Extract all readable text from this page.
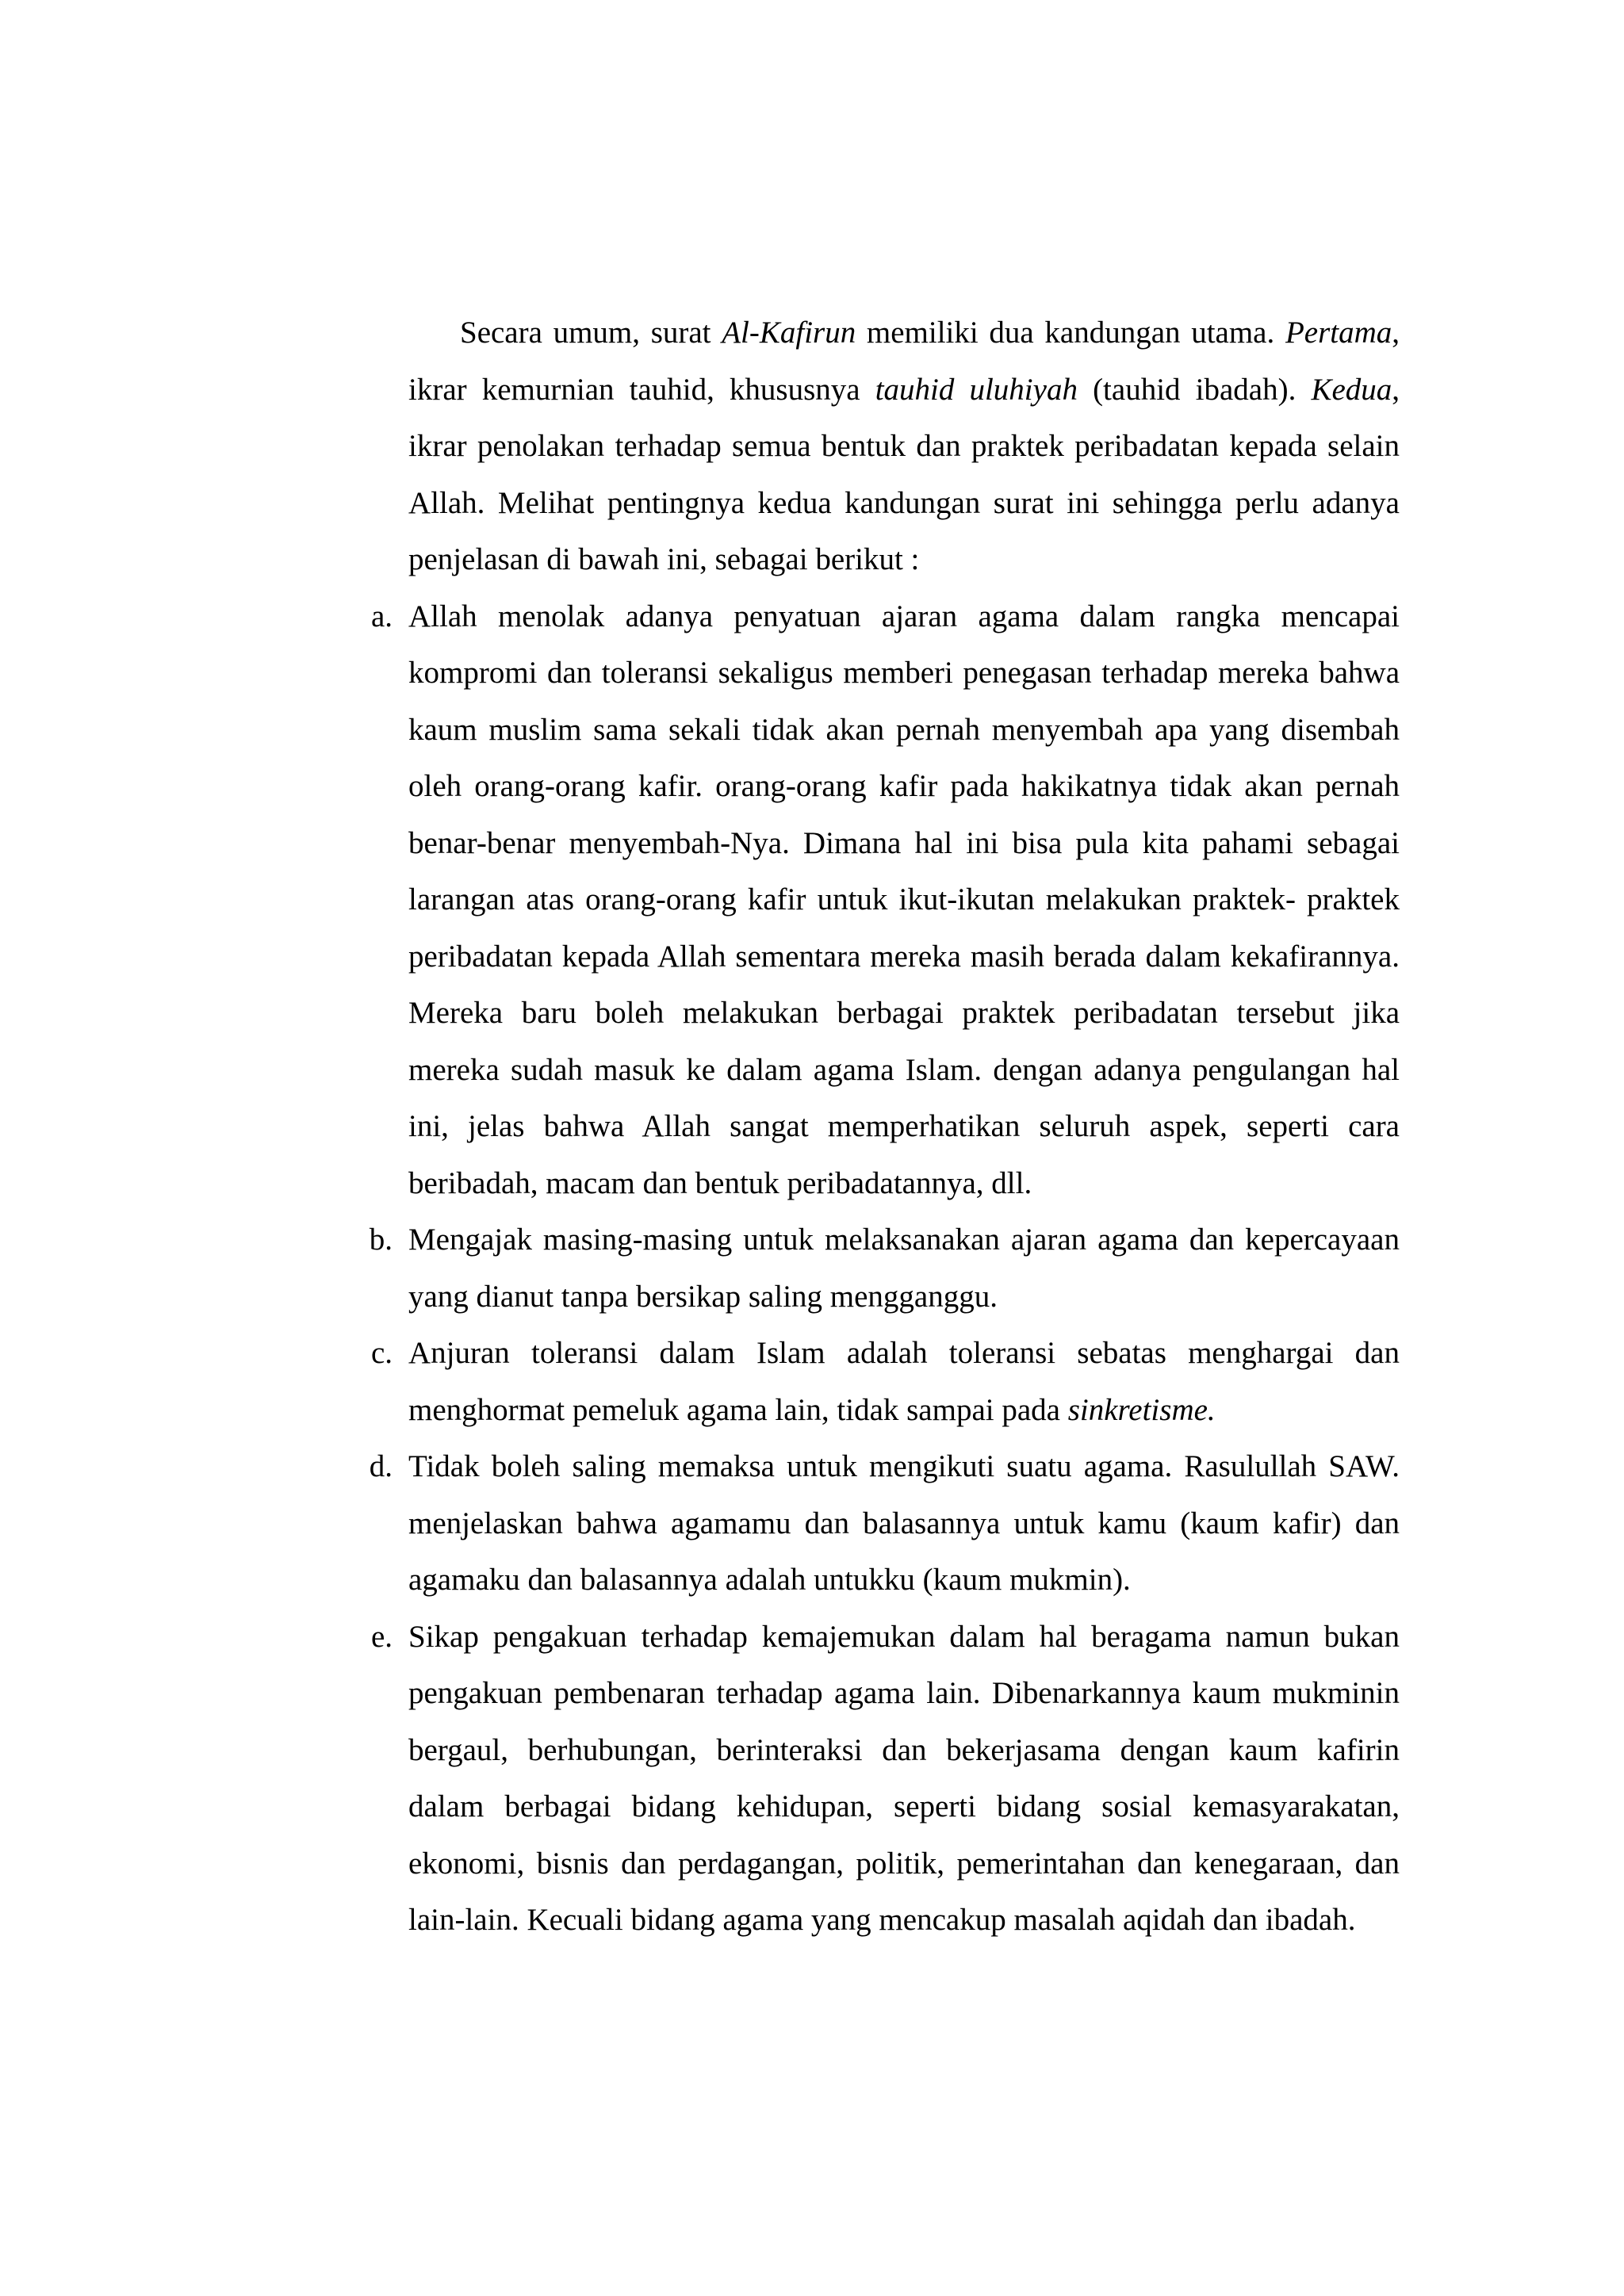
Secara umum, surat Al-Kafirun memiliki dua kandungan utama. Pertama, ikrar kemurnian tauhid, khususnya tauhid uluhiyah (tauhid ibadah). Kedua, ikrar penolakan terhadap semua bentuk dan praktek peribadatan kepada selain Allah. Melihat pentingnya kedua kandungan surat ini sehingga perlu adanya penjelasan di bawah ini, sebagai berikut :

a. Allah menolak adanya penyatuan ajaran agama dalam rangka mencapai kompromi dan toleransi sekaligus memberi penegasan terhadap mereka bahwa kaum muslim sama sekali tidak akan pernah menyembah apa yang disembah oleh orang-orang kafir. orang-orang kafir pada hakikatnya tidak akan pernah benar-benar menyembah-Nya. Dimana hal ini bisa pula kita pahami sebagai larangan atas orang-orang kafir untuk ikut-ikutan melakukan praktek- praktek peribadatan kepada Allah sementara mereka masih berada dalam kekafirannya. Mereka baru boleh melakukan berbagai praktek peribadatan tersebut jika mereka sudah masuk ke dalam agama Islam. dengan adanya pengulangan hal ini, jelas bahwa Allah sangat memperhatikan seluruh aspek, seperti cara beribadah, macam dan bentuk peribadatannya, dll.
b. Mengajak masing-masing untuk melaksanakan ajaran agama dan kepercayaan yang dianut tanpa bersikap saling mengganggu.
c. Anjuran toleransi dalam Islam adalah toleransi sebatas menghargai dan menghormat pemeluk agama lain, tidak sampai pada sinkretisme.
d. Tidak boleh saling memaksa untuk mengikuti suatu agama. Rasulullah SAW. menjelaskan bahwa agamamu dan balasannya untuk kamu (kaum kafir) dan agamaku dan balasannya adalah untukku (kaum mukmin).
e. Sikap pengakuan terhadap kemajemukan dalam hal beragama namun bukan pengakuan pembenaran terhadap agama lain. Dibenarkannya kaum mukminin bergaul, berhubungan, berinteraksi dan bekerjasama dengan kaum kafirin dalam berbagai bidang kehidupan, seperti bidang sosial kemasyarakatan, ekonomi, bisnis dan perdagangan, politik, pemerintahan dan kenegaraan, dan lain-lain. Kecuali bidang agama yang mencakup masalah aqidah dan ibadah.
